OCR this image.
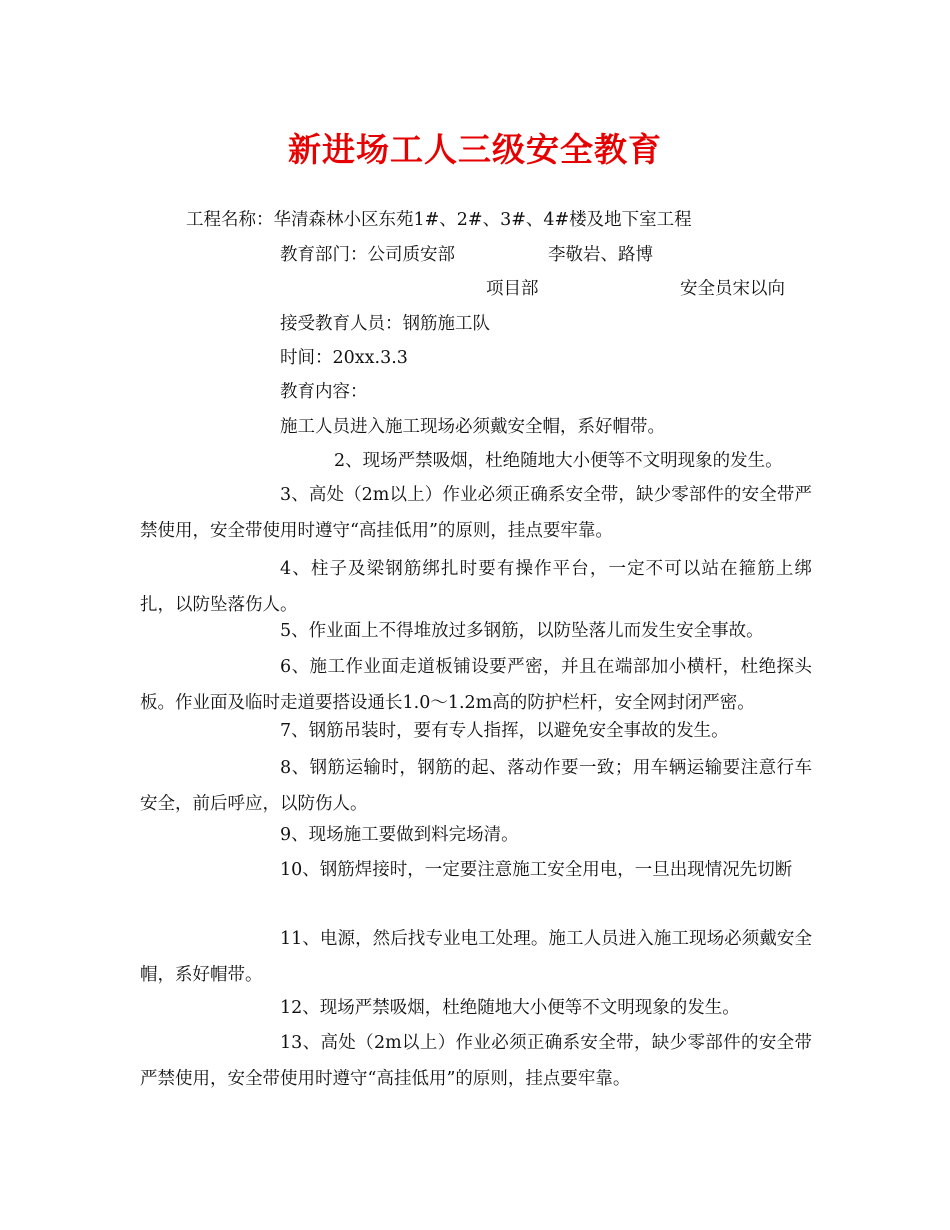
新进场工人三级安全教育
工程名称：华清森林小区东苑1#、2#、3#、4#楼及地下室工程
教育部门：公司质安部	李敬岩、路博
项目部	安全员宋以向
接受教育人员：钢筋施工队
时间：20xx.3.3
教育内容：
施工人员进入施工现场必须戴安全帽，系好帽带。
2、现场严禁吸烟，杜绝随地大小便等不文明现象的发生。
3、高处（2m以上）作业必须正确系安全带，缺少零部件的安全带严禁使用，安全带使用时遵守“高挂低用”的原则，挂点要牢靠。
4、柱子及梁钢筋绑扎时要有操作平台，一定不可以站在箍筋上绑扎，以防坠落伤人。
5、作业面上不得堆放过多钢筋，以防坠落儿而发生安全事故。
6、施工作业面走道板铺设要严密，并且在端部加小横杆，杜绝探头板。作业面及临时走道要搭设通长1.0～1.2m高的防护栏杆，安全网封闭严密。
7、钢筋吊装时，要有专人指挥，以避免安全事故的发生。
8、钢筋运输时，钢筋的起、落动作要一致；用车辆运输要注意行车安全，前后呼应，以防伤人。
9、现场施工要做到料完场清。
10、钢筋焊接时，一定要注意施工安全用电，一旦出现情况先切断
11、电源，然后找专业电工处理。施工人员进入施工现场必须戴安全帽，系好帽带。
12、现场严禁吸烟，杜绝随地大小便等不文明现象的发生。
13、高处（2m以上）作业必须正确系安全带，缺少零部件的安全带严禁使用，安全带使用时遵守“高挂低用”的原则，挂点要牢靠。
